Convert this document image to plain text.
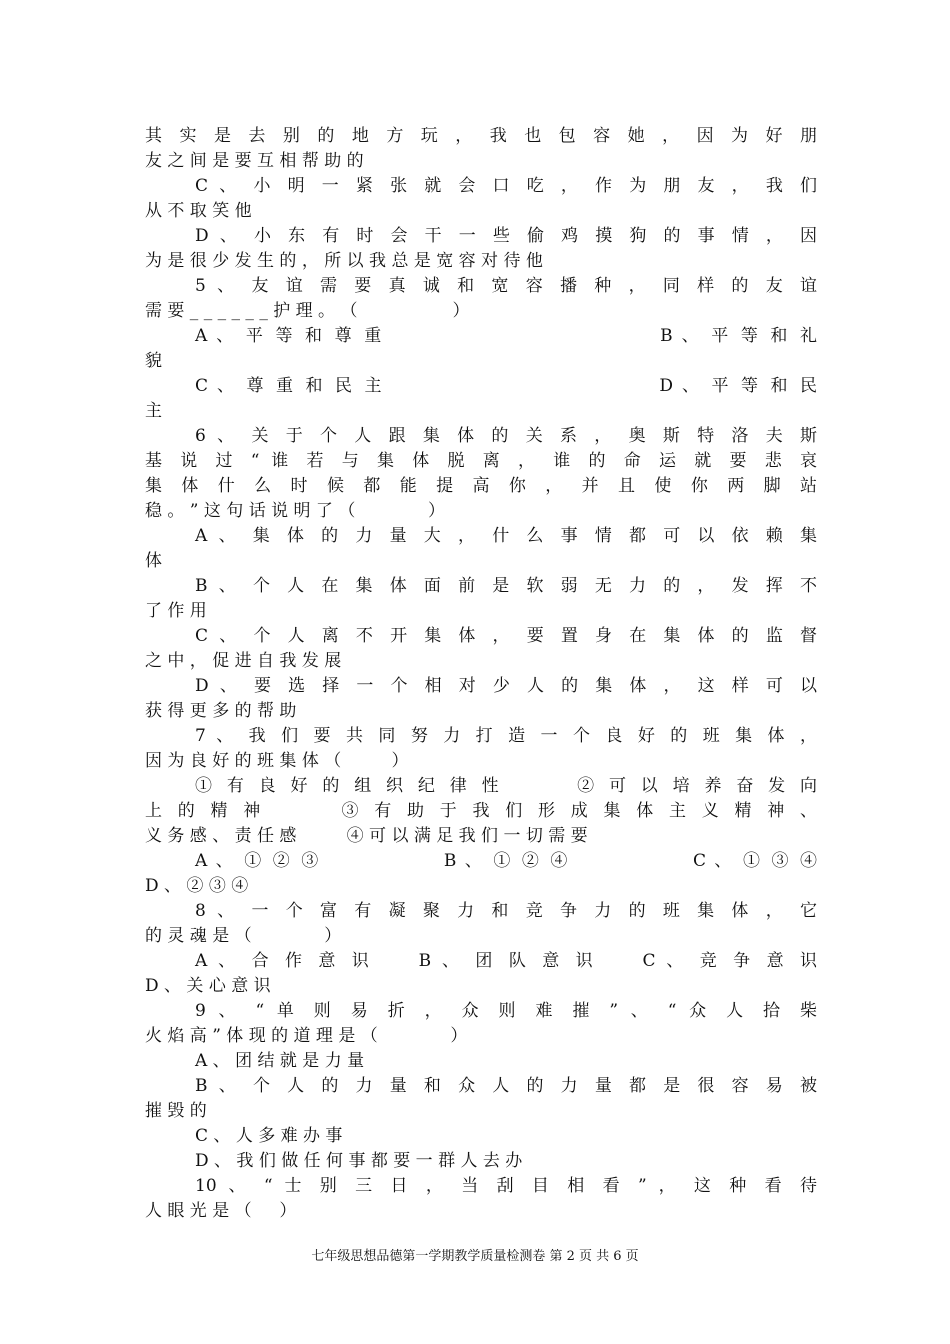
其 实 是 去 别 的 地 方 玩 ， 我 也 包 容 她 ， 因 为 好 朋
友 之 间 是 要 互 相 帮 助 的
C 、 小 明 一 紧 张 就 会 口 吃 ， 作 为 朋 友 ， 我 们
从 不 取 笑 他
D 、 小 东 有 时 会 干 一 些 偷 鸡 摸 狗 的 事 情 ， 因
为 是 很 少 发 生 的 ， 所 以 我 总 是 宽 容 对 待 他
5 、 友 谊 需 要 真 诚 和 宽 容 播 种 ， 同 样 的 友 谊
需 要 _ _ _ _ _ _ 护 理 。 （ 　 　 　 　 ）
A 、 平 等 和 尊 重 　 　 　 　 　 　 　 　 　 B 、 平 等 和 礼
貌
C 、 尊 重 和 民 主 　 　 　 　 　 　 　 　 　 D 、 平 等 和 民
主
6 、 关 于 个 人 跟 集 体 的 关 系 ， 奥 斯 特 洛 夫 斯
基 说 过 “ 谁 若 与 集 体 脱 离 ， 谁 的 命 运 就 要 悲 哀
集 体 什 么 时 候 都 能 提 高 你 ， 并 且 使 你 两 脚 站
稳 。 ” 这 句 话 说 明 了 （ 　 　 　 ）
A 、 集 体 的 力 量 大 ， 什 么 事 情 都 可 以 依 赖 集
体
B 、 个 人 在 集 体 面 前 是 软 弱 无 力 的 ， 发 挥 不
了 作 用
C 、 个 人 离 不 开 集 体 ， 要 置 身 在 集 体 的 监 督
之 中 ， 促 进 自 我 发 展
D 、 要 选 择 一 个 相 对 少 人 的 集 体 ， 这 样 可 以
获 得 更 多 的 帮 助
7 、 我 们 要 共 同 努 力 打 造 一 个 良 好 的 班 集 体 ，
因 为 良 好 的 班 集 体 （ 　 　 ）
① 有 良 好 的 组 织 纪 律 性 　 　 ② 可 以 培 养 奋 发 向
上 的 精 神 　 　 ③ 有 助 于 我 们 形 成 集 体 主 义 精 神 、
义 务 感 、 责 任 感 　 　 ④ 可 以 满 足 我 们 一 切 需 要
A 、 ① ② ③ 　 　 　 　 B 、 ① ② ④ 　 　 　 　 C 、 ① ③ ④
D 、 ② ③ ④
8 、 一 个 富 有 凝 聚 力 和 竞 争 力 的 班 集 体 ， 它
的 灵 魂 是 （ 　 　 　 ）
A 、 合 作 意 识 　 B 、 团 队 意 识 　 C 、 竞 争 意 识
D 、 关 心 意 识
9 、 “ 单 则 易 折 ， 众 则 难 摧 ” 、 “ 众 人 拾 柴
火 焰 高 ” 体 现 的 道 理 是 （ 　 　 　 ）
A 、 团 结 就 是 力 量
B 、 个 人 的 力 量 和 众 人 的 力 量 都 是 很 容 易 被
摧 毁 的
C 、 人 多 难 办 事
D 、 我 们 做 任 何 事 都 要 一 群 人 去 办
10 、 “ 士 别 三 日 ， 当 刮 目 相 看 ” ， 这 种 看 待
人 眼 光 是 （ 　 ）
七年级思想品德第一学期教学质量检测卷 第 2 页 共 6 页
